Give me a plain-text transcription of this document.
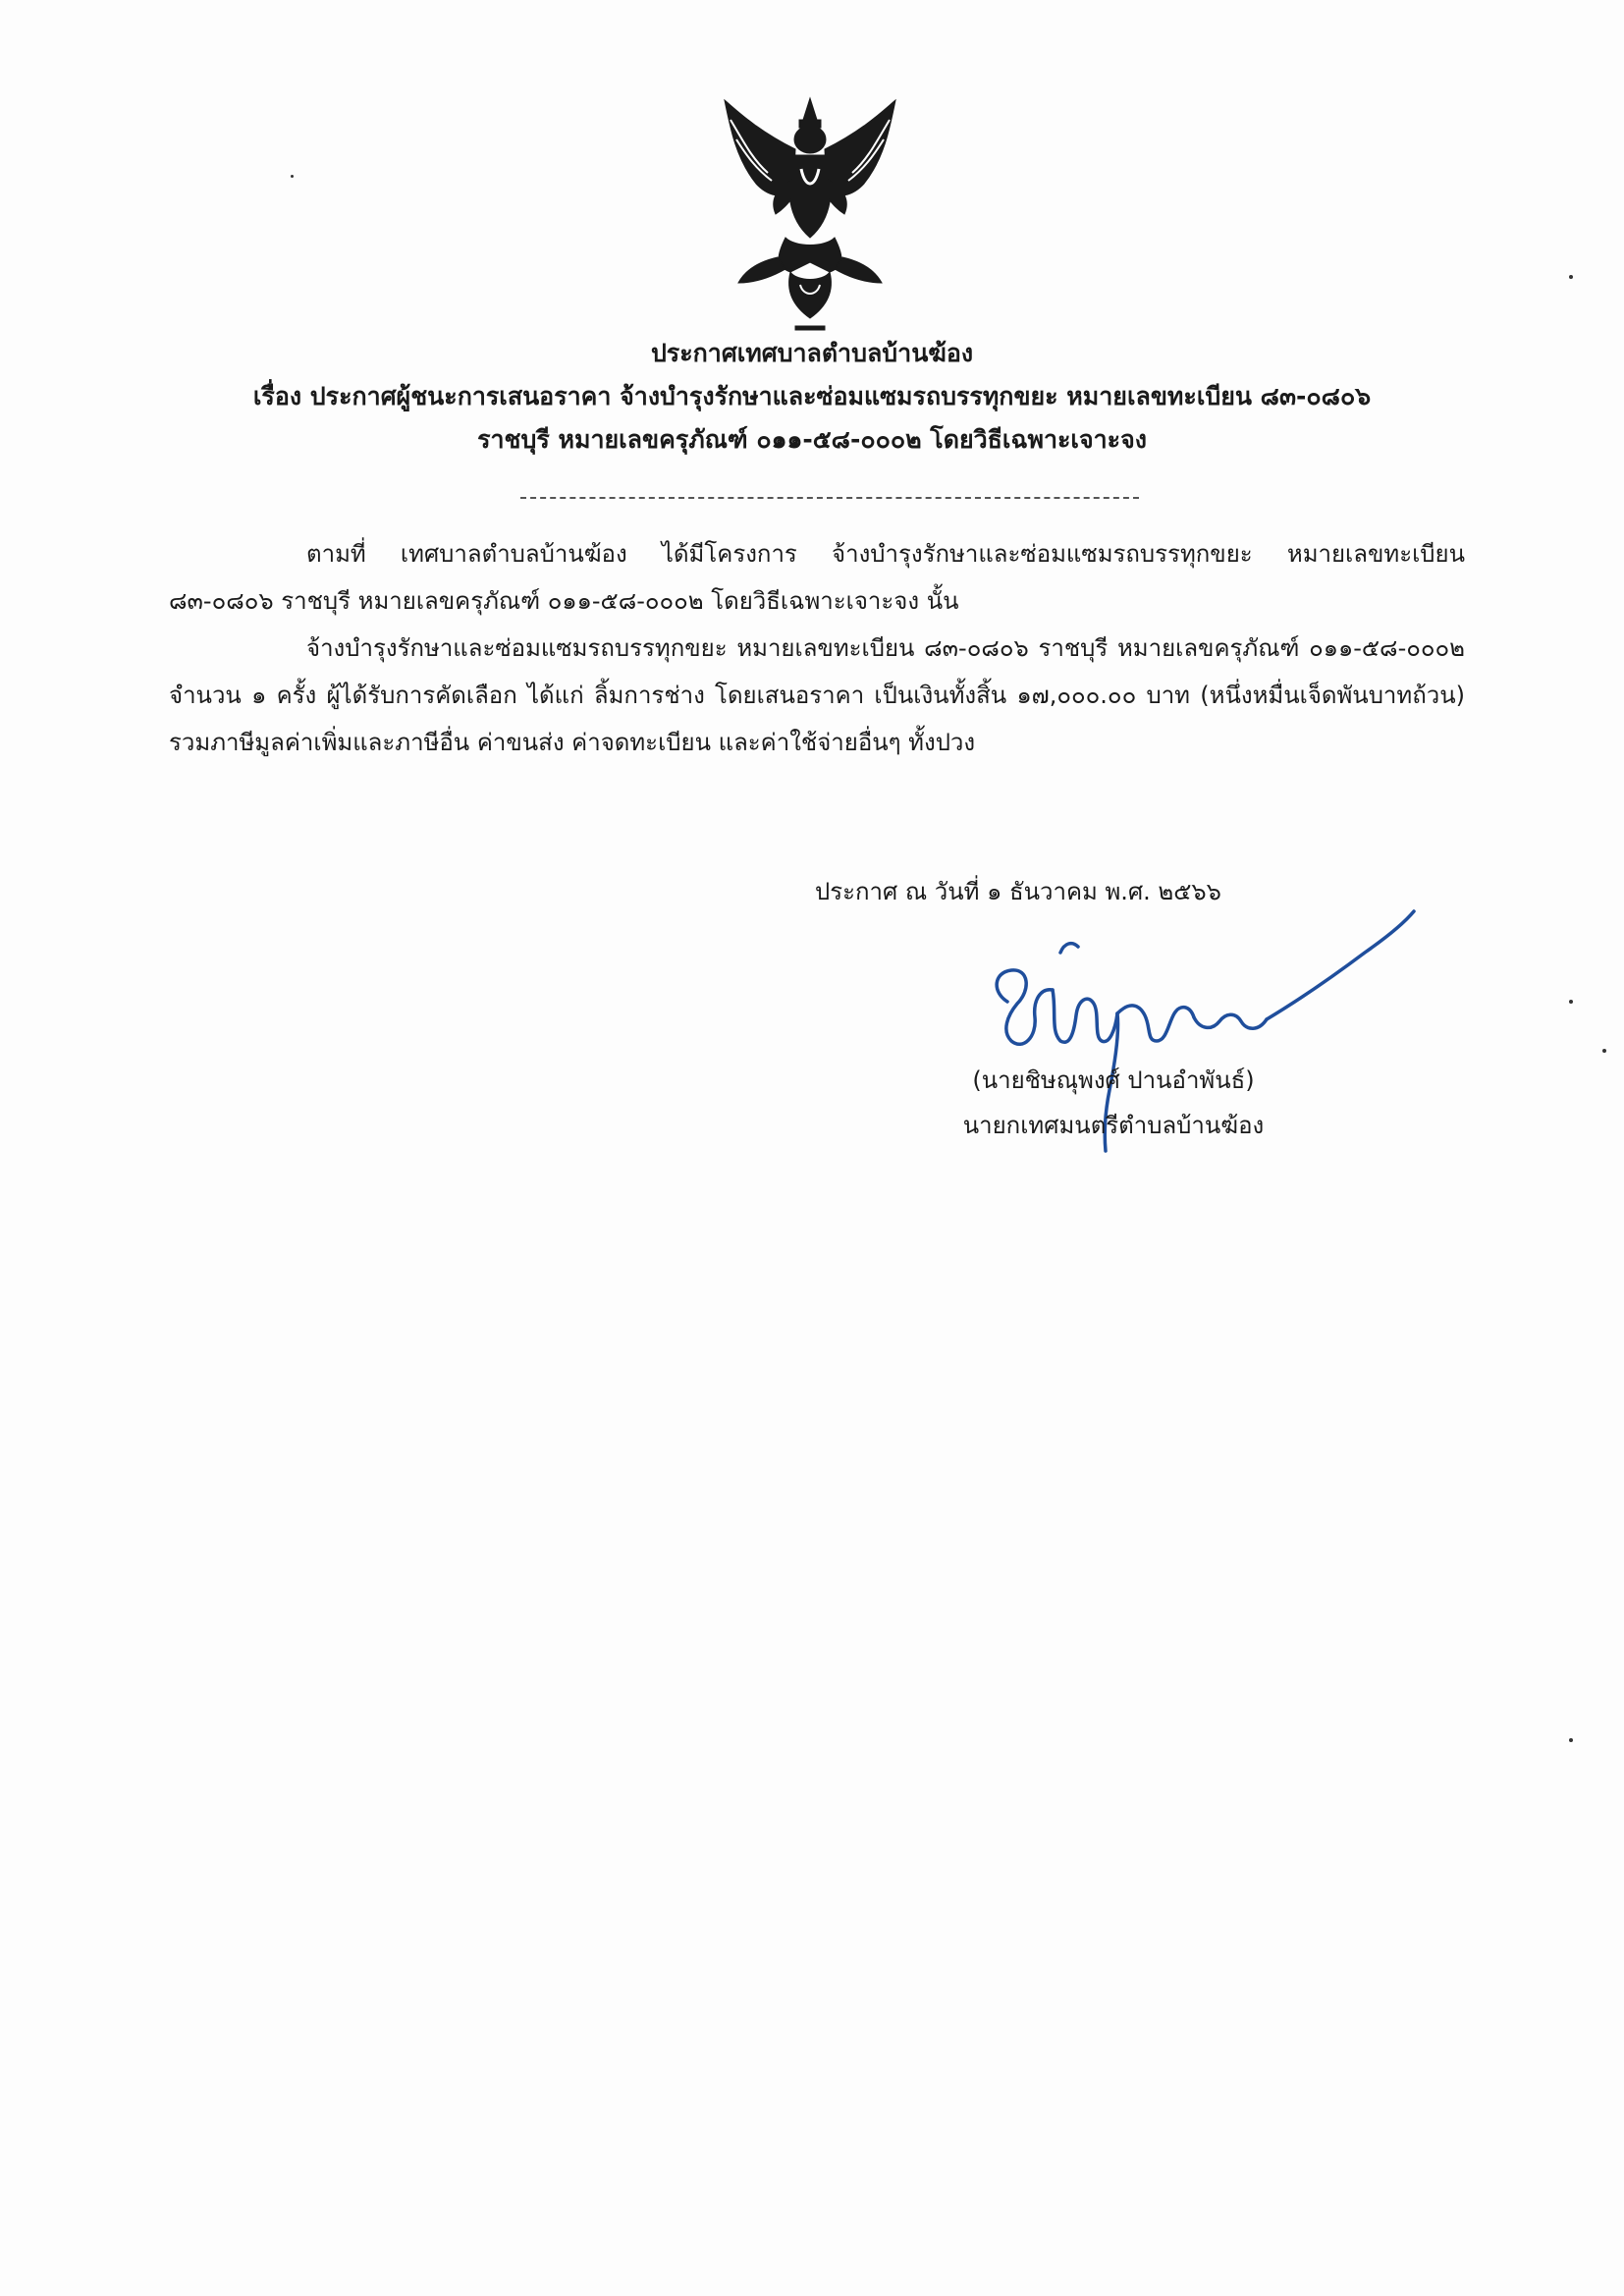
ประกาศเทศบาลตำบลบ้านฆ้อง
เรื่อง ประกาศผู้ชนะการเสนอราคา จ้างบำรุงรักษาและซ่อมแซมรถบรรทุกขยะ หมายเลขทะเบียน ๘๓-๐๘๐๖
ราชบุรี หมายเลขครุภัณฑ์ ๐๑๑-๕๘-๐๐๐๒ โดยวิธีเฉพาะเจาะจง
ตามที่ เทศบาลตำบลบ้านฆ้อง ได้มีโครงการ จ้างบำรุงรักษาและซ่อมแซมรถบรรทุกขยะ หมายเลขทะเบียน ๘๓-๐๘๐๖ ราชบุรี หมายเลขครุภัณฑ์ ๐๑๑-๕๘-๐๐๐๒ โดยวิธีเฉพาะเจาะจง นั้น
จ้างบำรุงรักษาและซ่อมแซมรถบรรทุกขยะ หมายเลขทะเบียน ๘๓-๐๘๐๖ ราชบุรี หมายเลขครุภัณฑ์ ๐๑๑-๕๘-๐๐๐๒ จำนวน ๑ ครั้ง ผู้ได้รับการคัดเลือก ได้แก่ ลิ้มการช่าง โดยเสนอราคา เป็นเงินทั้งสิ้น ๑๗,๐๐๐.๐๐ บาท (หนึ่งหมื่นเจ็ดพันบาทถ้วน) รวมภาษีมูลค่าเพิ่มและภาษีอื่น ค่าขนส่ง ค่าจดทะเบียน และค่าใช้จ่ายอื่นๆ ทั้งปวง
ประกาศ ณ วันที่ ๑ ธันวาคม พ.ศ. ๒๕๖๖
(นายชิษณุพงศ์ ปานอำพันธ์)
นายกเทศมนตรีตำบลบ้านฆ้อง
